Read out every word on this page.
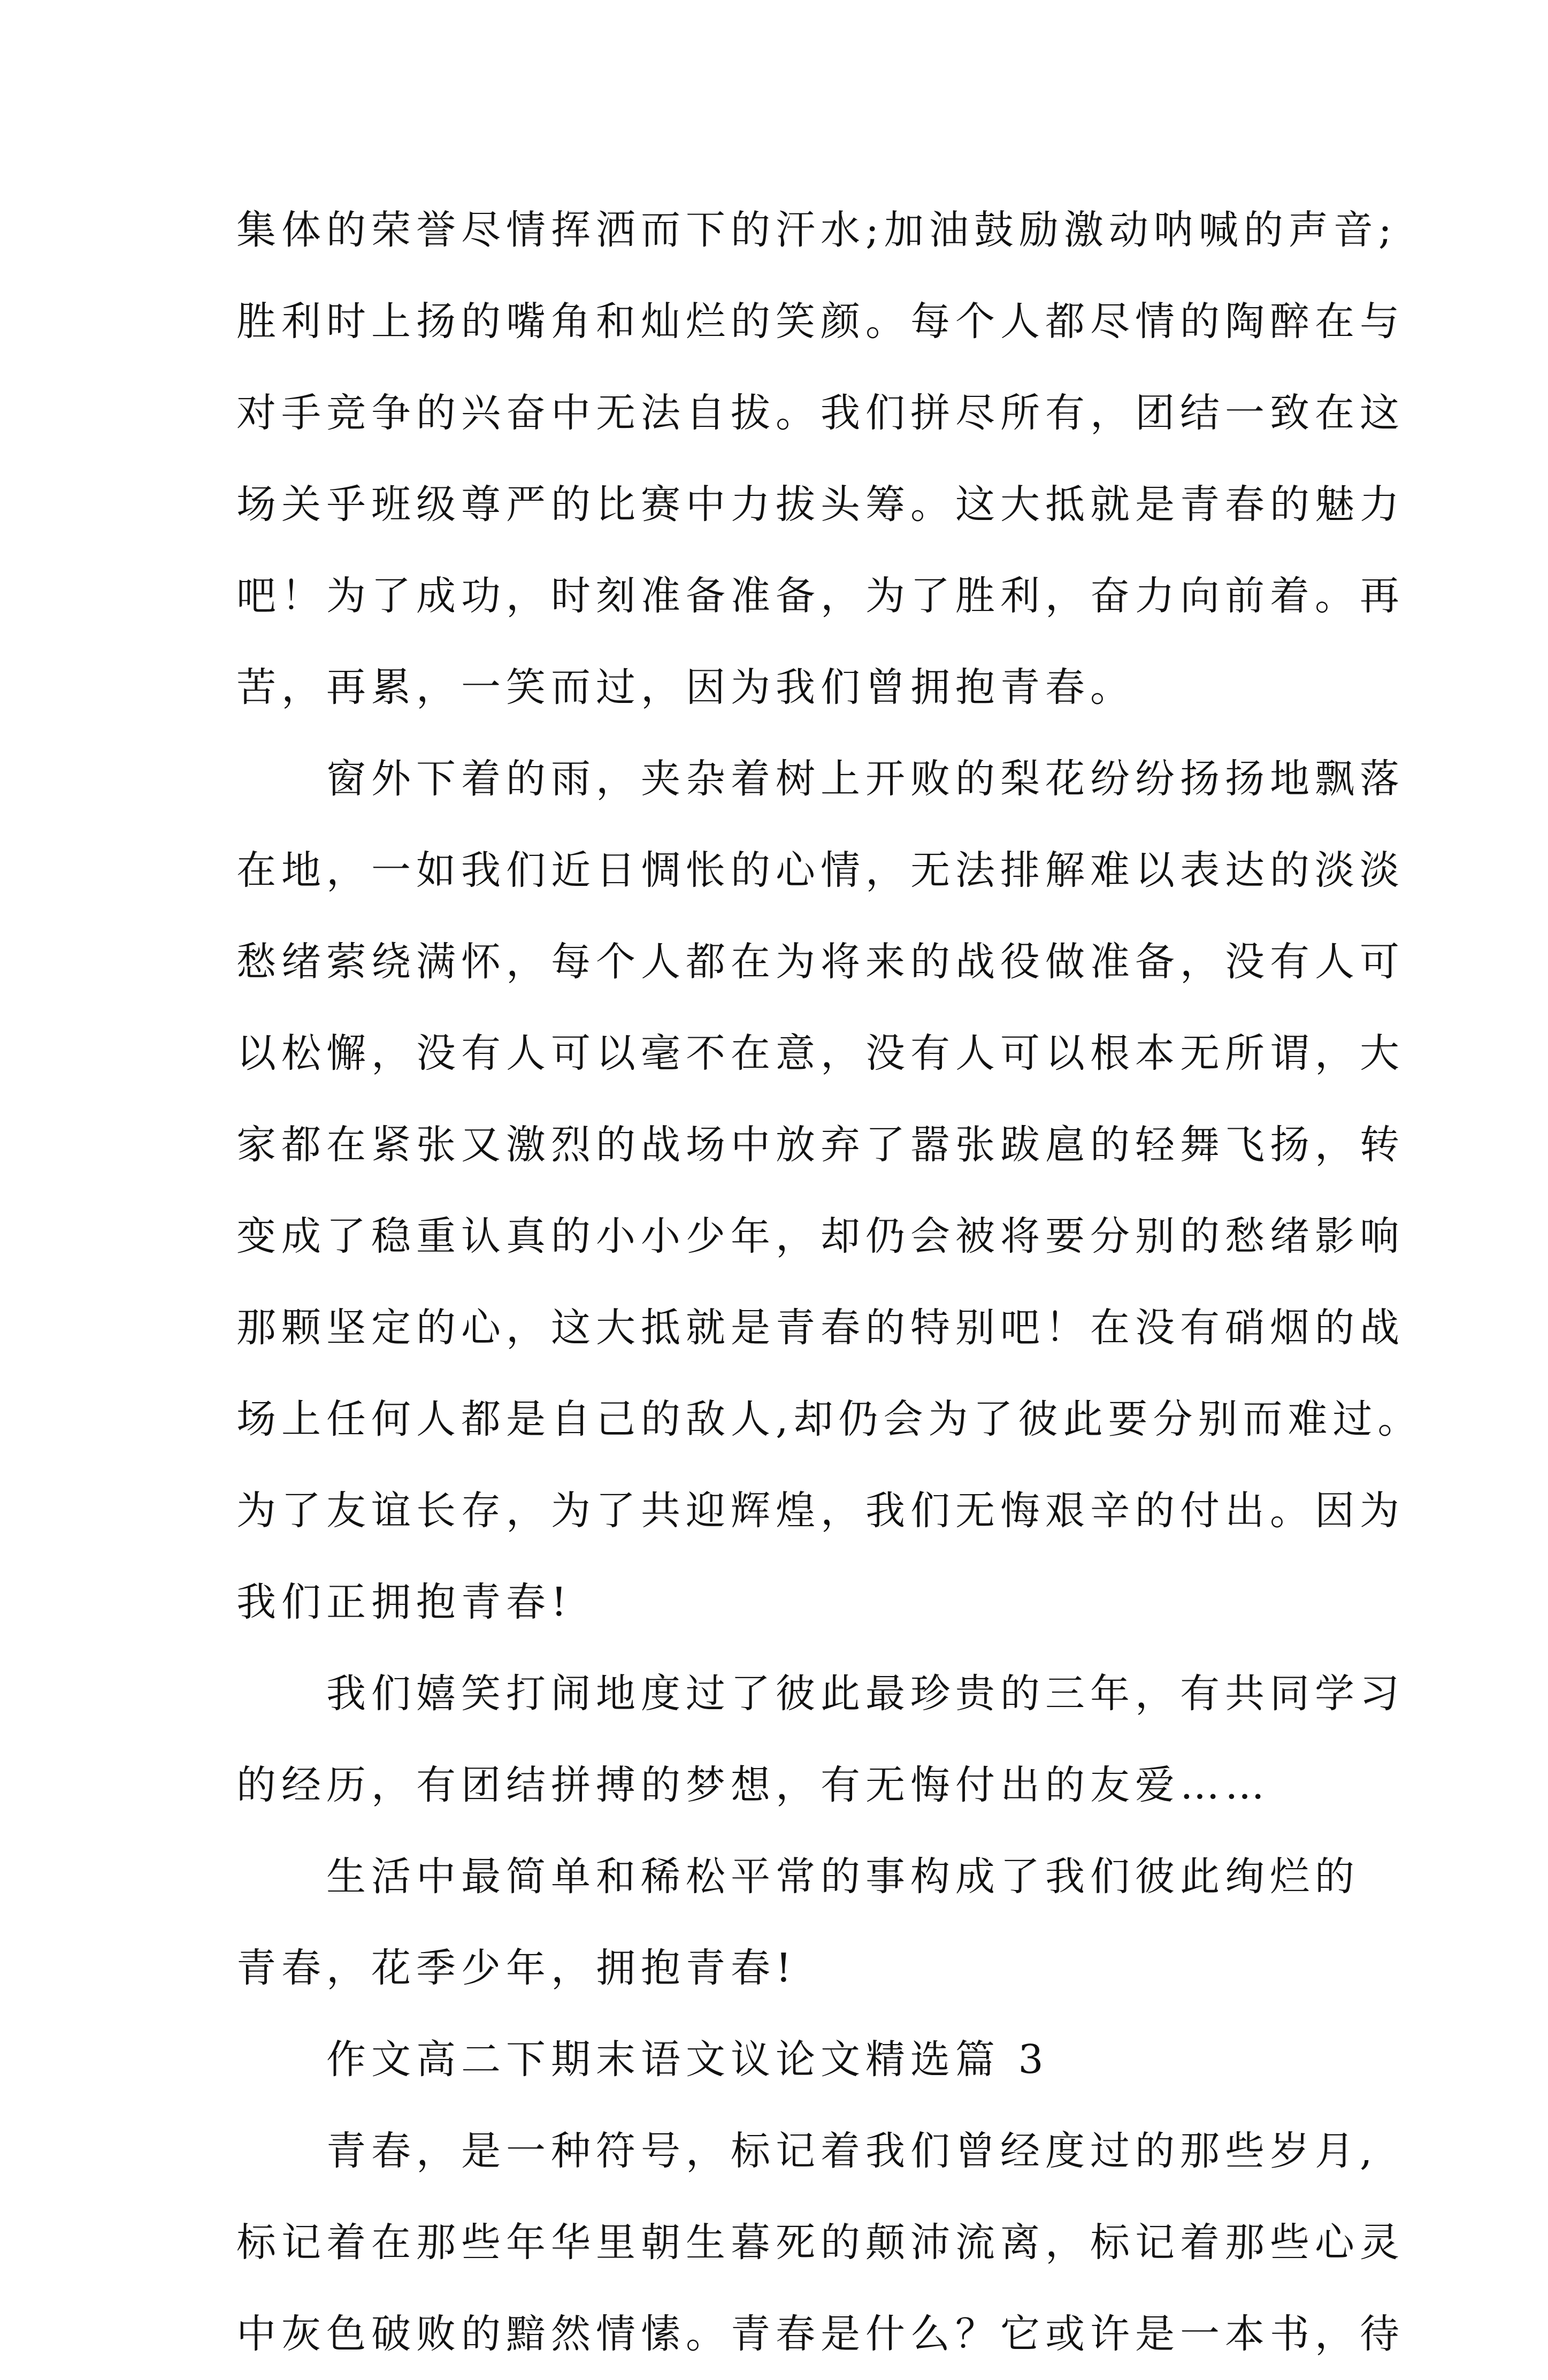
集体的荣誉尽情挥洒而下的汗水;加油鼓励激动呐喊的声音;
胜利时上扬的嘴角和灿烂的笑颜。每个人都尽情的陶醉在与
对手竞争的兴奋中无法自拔。我们拼尽所有，团结一致在这
场关乎班级尊严的比赛中力拔头筹。这大抵就是青春的魅力
吧！为了成功，时刻准备准备，为了胜利，奋力向前着。再
苦，再累，一笑而过，因为我们曾拥抱青春。
　　窗外下着的雨，夹杂着树上开败的梨花纷纷扬扬地飘落
在地，一如我们近日惆怅的心情，无法排解难以表达的淡淡
愁绪萦绕满怀，每个人都在为将来的战役做准备，没有人可
以松懈，没有人可以毫不在意，没有人可以根本无所谓，大
家都在紧张又激烈的战场中放弃了嚣张跋扈的轻舞飞扬，转
变成了稳重认真的小小少年，却仍会被将要分别的愁绪影响
那颗坚定的心，这大抵就是青春的特别吧！在没有硝烟的战
场上任何人都是自己的敌人,却仍会为了彼此要分别而难过。
为了友谊长存，为了共迎辉煌，我们无悔艰辛的付出。因为
我们正拥抱青春!
　　我们嬉笑打闹地度过了彼此最珍贵的三年，有共同学习
的经历，有团结拼搏的梦想，有无悔付出的友爱……
　　生活中最简单和稀松平常的事构成了我们彼此绚烂的
青春，花季少年，拥抱青春!
　　作文高二下期末语文议论文精选篇 3
　　青春，是一种符号，标记着我们曾经度过的那些岁月,
标记着在那些年华里朝生暮死的颠沛流离，标记着那些心灵
中灰色破败的黯然情愫。青春是什么？它或许是一本书，待
